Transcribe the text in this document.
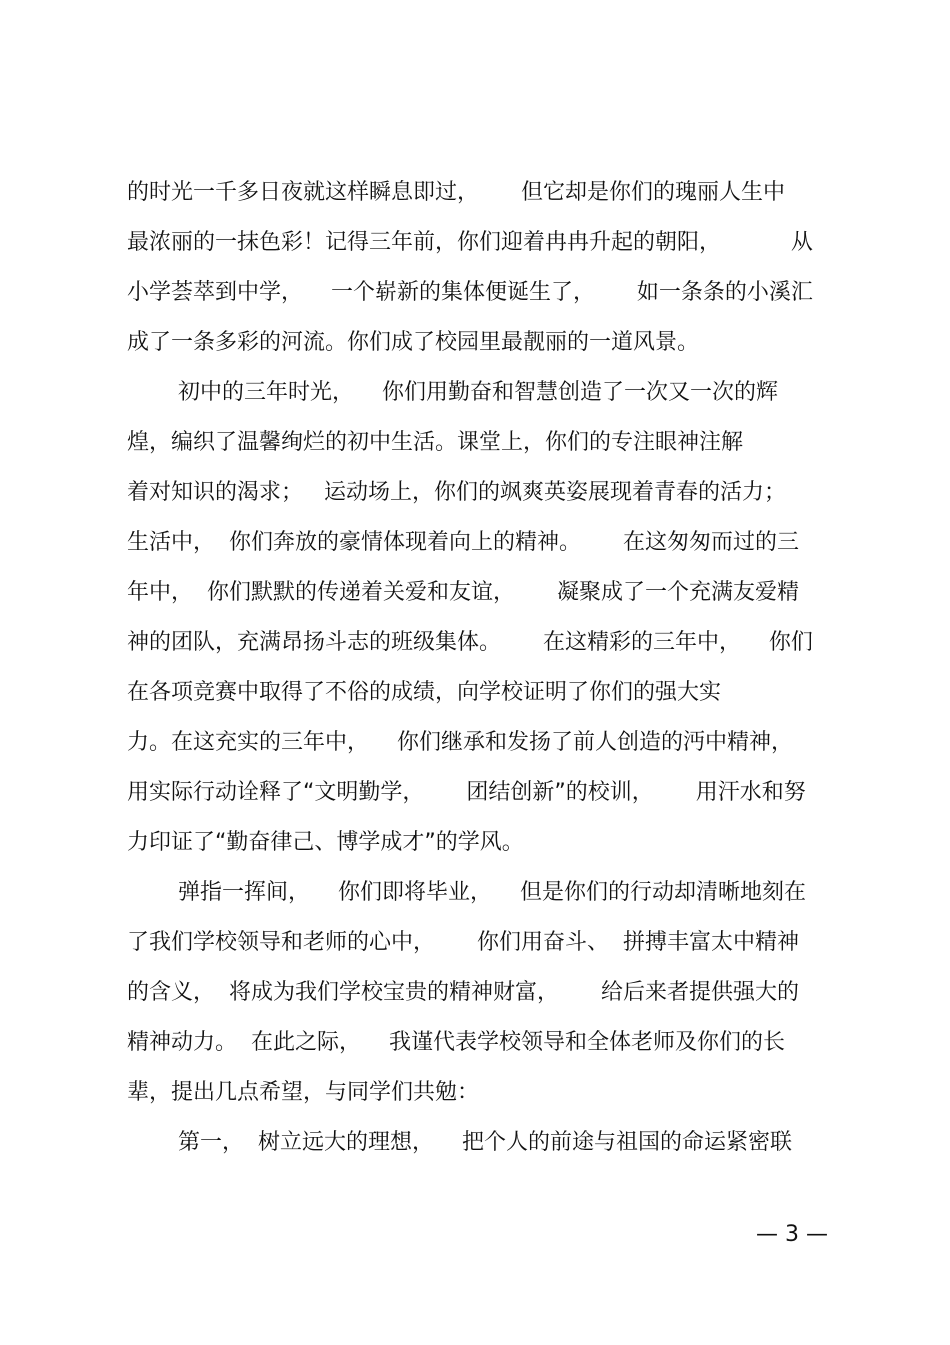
的时光一千多日夜就这样瞬息即过，      但它却是你们的瑰丽人生中
最浓丽的一抹色彩！记得三年前，你们迎着冉冉升起的朝阳，          从
小学荟萃到中学，    一个崭新的集体便诞生了，      如一条条的小溪汇
成了一条多彩的河流。你们成了校园里最靓丽的一道风景。
初中的三年时光，    你们用勤奋和智慧创造了一次又一次的辉
煌，编织了温馨绚烂的初中生活。课堂上，你们的专注眼神注解
着对知识的渴求；   运动场上，你们的飒爽英姿展现着青春的活力；
生活中，  你们奔放的豪情体现着向上的精神。      在这匆匆而过的三
年中，  你们默默的传递着关爱和友谊，      凝聚成了一个充满友爱精
神的团队，充满昂扬斗志的班级集体。      在这精彩的三年中，    你们
在各项竞赛中取得了不俗的成绩，向学校证明了你们的强大实
力。在这充实的三年中，    你们继承和发扬了前人创造的沔中精神，
用实际行动诠释了“文明勤学，      团结创新”的校训，      用汗水和努
力印证了“勤奋律己、博学成才”的学风。
弹指一挥间，    你们即将毕业，    但是你们的行动却清晰地刻在
了我们学校领导和老师的心中，      你们用奋斗、  拼搏丰富太中精神
的含义，  将成为我们学校宝贵的精神财富，      给后来者提供强大的
精神动力。  在此之际，    我谨代表学校领导和全体老师及你们的长
辈，提出几点希望，与同学们共勉：
第一，  树立远大的理想，    把个人的前途与祖国的命运紧密联
— 3 —
